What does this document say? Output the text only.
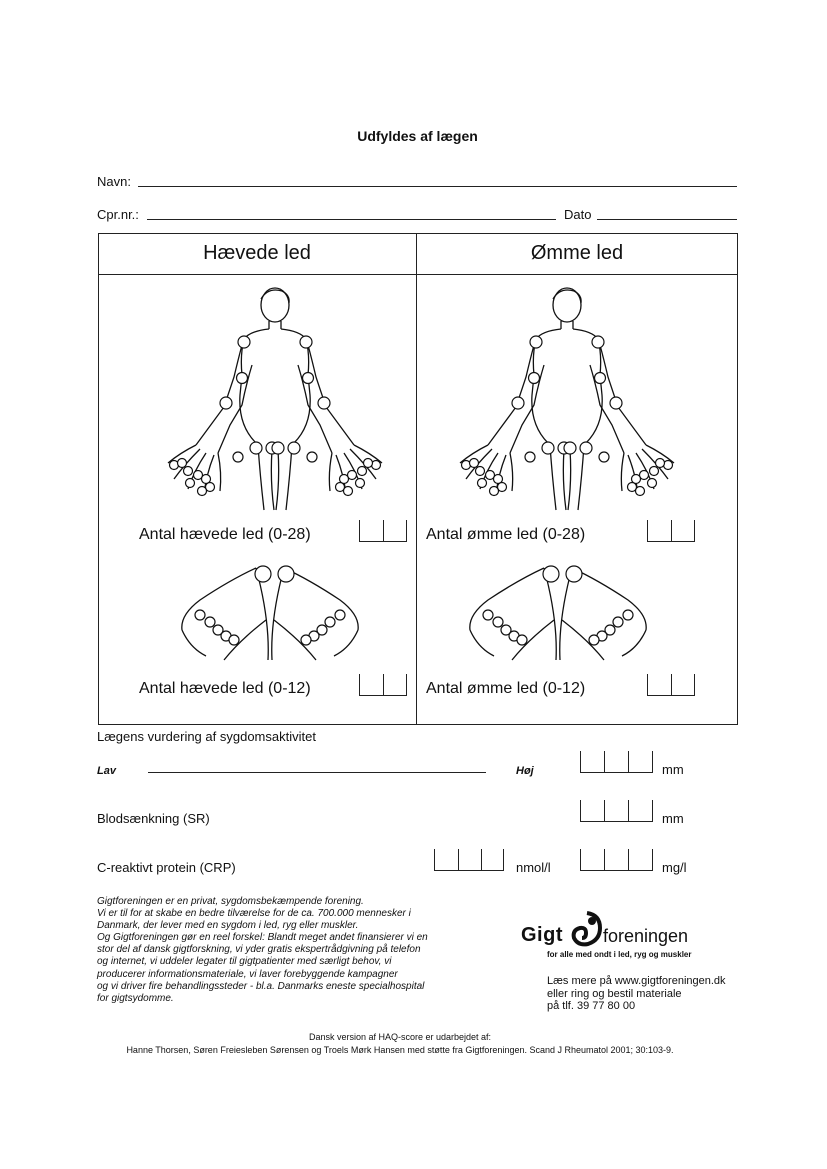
Udfyldes af lægen
Navn:
Cpr.nr.:	Dato
Hævede led	Ømme led
Antal hævede led (0-28)	Antal ømme led (0-28)
Antal hævede led (0-12)	Antal ømme led (0-12)
Lægens vurdering af sygdomsaktivitet
Lav	Høj	mm
Blodsænkning (SR)	mm
C-reaktivt protein (CRP)	nmol/l	mg/l
Gigtforeningen er en privat, sygdomsbekæmpende forening.
Vi er til for at skabe en bedre tilværelse for de ca. 700.000 mennesker i
Danmark, der lever med en sygdom i led, ryg eller muskler.
Og Gigtforeningen gør en reel forskel: Blandt meget andet finansierer vi en
stor del af dansk gigtforskning, vi yder gratis ekspertrådgivning på telefon
og internet, vi uddeler legater til gigtpatienter med særligt behov, vi
producerer informationsmateriale, vi laver forebyggende kampagner
og vi driver fire behandlingssteder - bl.a. Danmarks eneste specialhospital
for gigtsydomme.
Gigt foreningen
for alle med ondt i led, ryg og muskler
Læs mere på www.gigtforeningen.dk
eller ring og bestil materiale
på tlf. 39 77 80 00
Dansk version af HAQ-score er udarbejdet af:
Hanne Thorsen, Søren Freiesleben Sørensen og Troels Mørk Hansen med støtte fra Gigtforeningen. Scand J Rheumatol 2001; 30:103-9.
